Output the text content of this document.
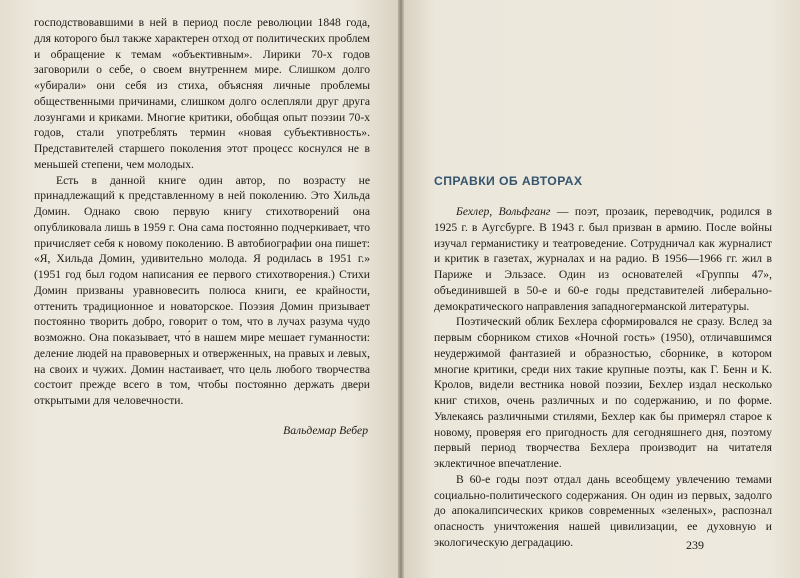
господствовавшими в ней в период после революции 1848 года, для которого был также характерен отход от политических проблем и обращение к темам «объективным». Лирики 70-х годов заговорили о себе, о своем внутреннем мире. Слишком долго «убирали» они себя из стиха, объясняя личные проблемы общественными причинами, слишком долго ослепляли друг друга лозунгами и криками. Многие критики, обобщая опыт поэзии 70-х годов, стали употреблять термин «новая субъективность». Представителей старшего поколения этот процесс коснулся не в меньшей степени, чем молодых.

Есть в данной книге один автор, по возрасту не принадлежащий к представленному в ней поколению. Это Хильда Домин. Однако свою первую книгу стихотворений она опубликовала лишь в 1959 г. Она сама постоянно подчеркивает, что причисляет себя к новому поколению. В автобиографии она пишет: «Я, Хильда Домин, удивительно молода. Я родилась в 1951 г.» (1951 год был годом написания ее первого стихотворения.) Стихи Домин призваны уравновесить полюса книги, ее крайности, оттенить традиционное и новаторское. Поэзия Домин призывает постоянно творить добро, говорит о том, что в лучах разума чудо возможно. Она показывает, что́ в нашем мире мешает гуманности: деление людей на правоверных и отверженных, на правых и левых, на своих и чужих. Домин настаивает, что цель любого творчества состоит прежде всего в том, чтобы постоянно держать двери открытыми для человечности.

Вальдемар Вебер
СПРАВКИ ОБ АВТОРАХ

Бехлер, Вольфганг — поэт, прозаик, переводчик, родился в 1925 г. в Аугсбурге. В 1943 г. был призван в армию. После войны изучал германистику и театроведение. Сотрудничал как журналист и критик в газетах, журналах и на радио. В 1956—1966 гг. жил в Париже и Эльзасе. Один из основателей «Группы 47», объединившей в 50-е и 60-е годы представителей либерально-демократического направления западногерманской литературы.

Поэтический облик Бехлера сформировался не сразу. Вслед за первым сборником стихов «Ночной гость» (1950), отличавшимся неудержимой фантазией и образностью, сборнике, в котором многие критики, среди них такие крупные поэты, как Г. Бенн и К. Кролов, видели вестника новой поэзии, Бехлер издал несколько книг стихов, очень различных и по содержанию, и по форме. Увлекаясь различными стилями, Бехлер как бы примерял старое к новому, проверяя его пригодность для сегодняшнего дня, поэтому первый период творчества Бехлера производит на читателя эклектичное впечатление.

В 60-е годы поэт отдал дань всеобщему увлечению темами социально-политического содержания. Он один из первых, задолго до апокалипсических криков современных «зеленых», распознал опасность уничтожения нашей цивилизации, ее духовную и экологическую деградацию.	239
